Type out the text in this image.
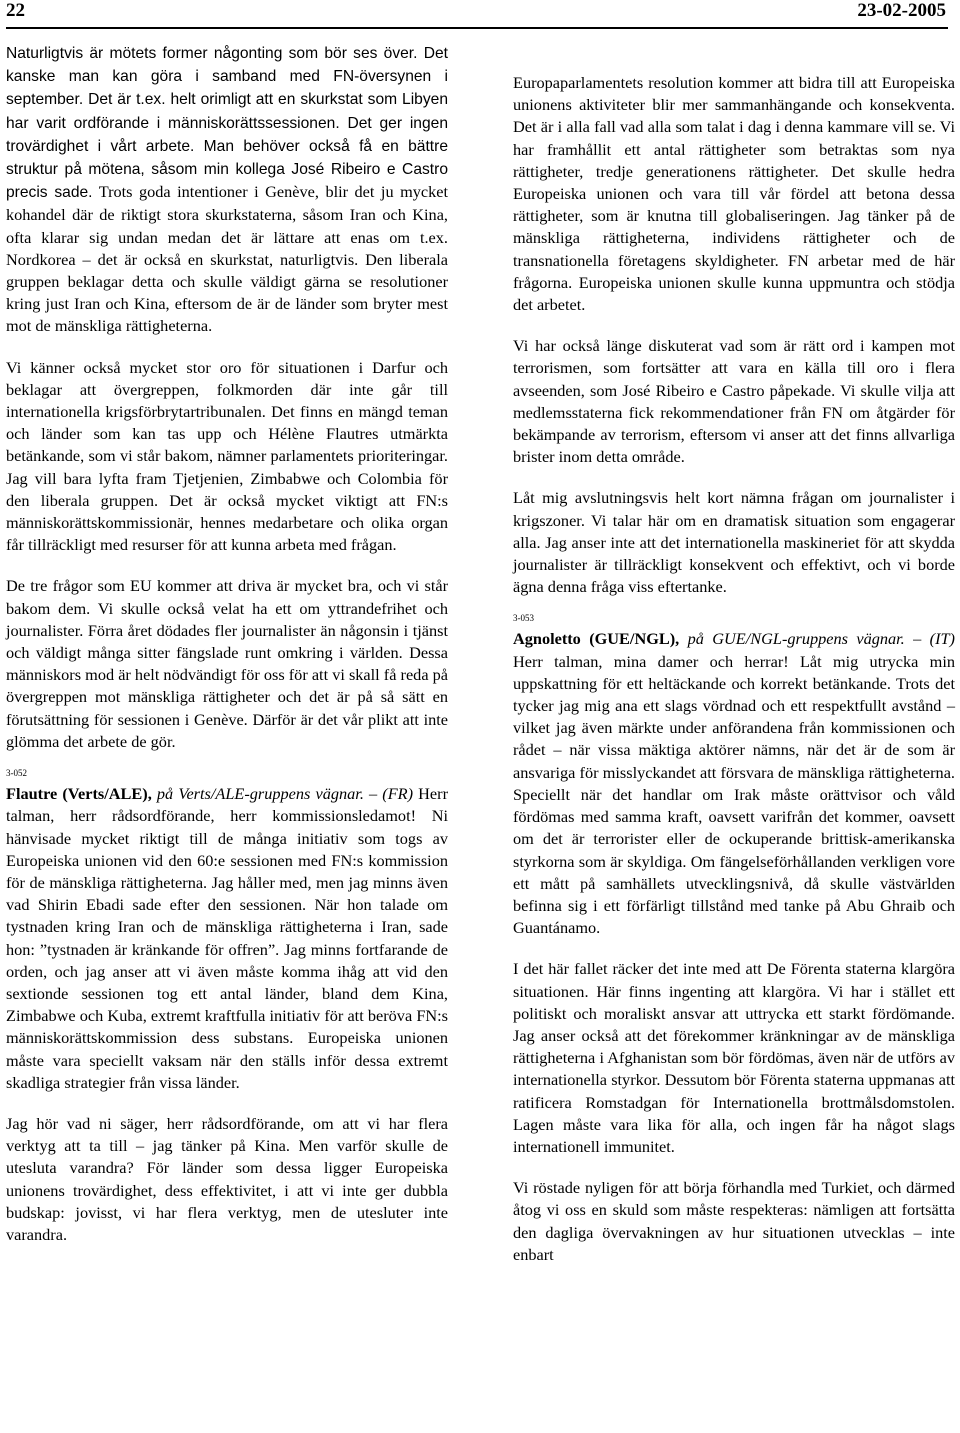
22	23-02-2005

Naturligtvis är mötets former någonting som bör ses över. Det kanske man kan göra i samband med FN-översynen i september. Det är t.ex. helt orimligt att en skurkstat som Libyen har varit ordförande i människorättssessionen. Det ger ingen trovärdighet i vårt arbete. Man behöver också få en bättre struktur på mötena, såsom min kollega José Ribeiro e Castro precis sade. Trots goda intentioner i Genève, blir det ju mycket kohandel där de riktigt stora skurkstaterna, såsom Iran och Kina, ofta klarar sig undan medan det är lättare att enas om t.ex. Nordkorea – det är också en skurkstat, naturligtvis. Den liberala gruppen beklagar detta och skulle väldigt gärna se resolutioner kring just Iran och Kina, eftersom de är de länder som bryter mest mot de mänskliga rättigheterna.

Vi känner också mycket stor oro för situationen i Darfur och beklagar att övergreppen, folkmorden där inte går till internationella krigsförbrytartribunalen. Det finns en mängd teman och länder som kan tas upp och Hélène Flautres utmärkta betänkande, som vi står bakom, nämner parlamentets prioriteringar. Jag vill bara lyfta fram Tjetjenien, Zimbabwe och Colombia för den liberala gruppen. Det är också mycket viktigt att FN:s människorättskommissionär, hennes medarbetare och olika organ får tillräckligt med resurser för att kunna arbeta med frågan.

De tre frågor som EU kommer att driva är mycket bra, och vi står bakom dem. Vi skulle också velat ha ett om yttrandefrihet och journalister. Förra året dödades fler journalister än någonsin i tjänst och väldigt många sitter fängslade runt omkring i världen. Dessa människors mod är helt nödvändigt för oss för att vi skall få reda på övergreppen mot mänskliga rättigheter och det är på så sätt en förutsättning för sessionen i Genève. Därför är det vår plikt att inte glömma det arbete de gör.

3-052

Flautre (Verts/ALE), på Verts/ALE-gruppens vägnar. – (FR) Herr talman, herr rådsordförande, herr kommissionsledamot! Ni hänvisade mycket riktigt till de många initiativ som togs av Europeiska unionen vid den 60:e sessionen med FN:s kommission för de mänskliga rättigheterna. Jag håller med, men jag minns även vad Shirin Ebadi sade efter den sessionen. När hon talade om tystnaden kring Iran och de mänskliga rättigheterna i Iran, sade hon: ”tystnaden är kränkande för offren”. Jag minns fortfarande de orden, och jag anser att vi även måste komma ihåg att vid den sextionde sessionen tog ett antal länder, bland dem Kina, Zimbabwe och Kuba, extremt kraftfulla initiativ för att beröva FN:s människorättskommission dess substans. Europeiska unionen måste vara speciellt vaksam när den ställs inför dessa extremt skadliga strategier från vissa länder.

Jag hör vad ni säger, herr rådsordförande, om att vi har flera verktyg att ta till – jag tänker på Kina. Men varför skulle de utesluta varandra? För länder som dessa ligger Europeiska unionens trovärdighet, dess effektivitet, i att vi inte ger dubbla budskap: jovisst, vi har flera verktyg, men de utesluter inte varandra.

Europaparlamentets resolution kommer att bidra till att Europeiska unionens aktiviteter blir mer sammanhängande och konsekventa. Det är i alla fall vad alla som talat i dag i denna kammare vill se. Vi har framhållit ett antal rättigheter som betraktas som nya rättigheter, tredje generationens rättigheter. Det skulle hedra Europeiska unionen och vara till vår fördel att betona dessa rättigheter, som är knutna till globaliseringen. Jag tänker på de mänskliga rättigheterna, individens rättigheter och de transnationella företagens skyldigheter. FN arbetar med de här frågorna. Europeiska unionen skulle kunna uppmuntra och stödja det arbetet.

Vi har också länge diskuterat vad som är rätt ord i kampen mot terrorismen, som fortsätter att vara en källa till oro i flera avseenden, som José Ribeiro e Castro påpekade. Vi skulle vilja att medlemsstaterna fick rekommendationer från FN om åtgärder för bekämpande av terrorism, eftersom vi anser att det finns allvarliga brister inom detta område.

Låt mig avslutningsvis helt kort nämna frågan om journalister i krigszoner. Vi talar här om en dramatisk situation som engagerar alla. Jag anser inte att det internationella maskineriet för att skydda journalister är tillräckligt konsekvent och effektivt, och vi borde ägna denna fråga viss eftertanke.

3-053

Agnoletto (GUE/NGL), på GUE/NGL-gruppens vägnar. – (IT) Herr talman, mina damer och herrar! Låt mig utrycka min uppskattning för ett heltäckande och korrekt betänkande. Trots det tycker jag mig ana ett slags vördnad och ett respektfullt avstånd – vilket jag även märkte under anförandena från kommissionen och rådet – när vissa mäktiga aktörer nämns, när det är de som är ansvariga för misslyckandet att försvara de mänskliga rättigheterna. Speciellt när det handlar om Irak måste orättvisor och våld fördömas med samma kraft, oavsett varifrån det kommer, oavsett om det är terrorister eller de ockuperande brittisk-amerikanska styrkorna som är skyldiga. Om fängelseförhållanden verkligen vore ett mått på samhällets utvecklingsnivå, då skulle västvärlden befinna sig i ett förfärligt tillstånd med tanke på Abu Ghraib och Guantánamo.

I det här fallet räcker det inte med att De Förenta staterna klargöra situationen. Här finns ingenting att klargöra. Vi har i stället ett politiskt och moraliskt ansvar att uttrycka ett starkt fördömande. Jag anser också att det förekommer kränkningar av de mänskliga rättigheterna i Afghanistan som bör fördömas, även när de utförs av internationella styrkor. Dessutom bör Förenta staterna uppmanas att ratificera Romstadgan för Internationella brottmålsdomstolen. Lagen måste vara lika för alla, och ingen får ha något slags internationell immunitet.

Vi röstade nyligen för att börja förhandla med Turkiet, och därmed åtog vi oss en skuld som måste respekteras: nämligen att fortsätta den dagliga övervakningen av hur situationen utvecklas – inte enbart
